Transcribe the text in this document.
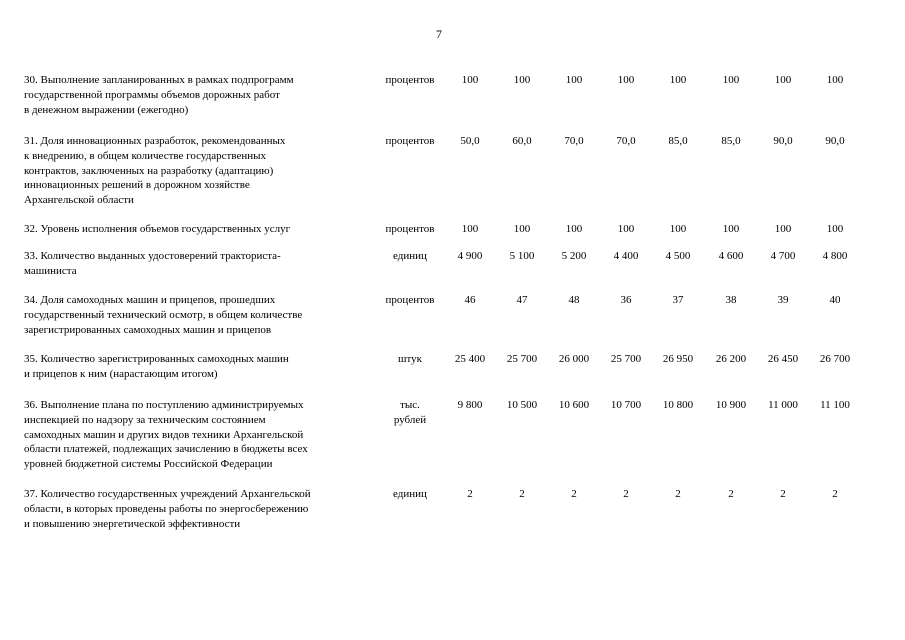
7
30. Выполнение запланированных в рамках подпрограмм
государственной программы объемов дорожных работ
в денежном выражении (ежегодно)
процентов	100	100	100	100	100	100	100	100
31. Доля инновационных разработок, рекомендованных
к внедрению, в общем количестве государственных
контрактов, заключенных на разработку (адаптацию)
инновационных решений в дорожном хозяйстве
Архангельской области
процентов	50,0	60,0	70,0	70,0	85,0	85,0	90,0	90,0
32. Уровень исполнения объемов государственных услуг	процентов	100	100	100	100	100	100	100	100
33. Количество выданных удостоверений тракториста-
машиниста
единиц	4 900	5 100	5 200	4 400	4 500	4 600	4 700	4 800
34. Доля самоходных машин и прицепов, прошедших
государственный технический осмотр, в общем количестве
зарегистрированных самоходных машин и прицепов
процентов	46	47	48	36	37	38	39	40
35. Количество зарегистрированных самоходных машин
и прицепов к ним (нарастающим итогом)
штук	25 400	25 700	26 000	25 700	26 950	26 200	26 450	26 700
36. Выполнение плана по поступлению администрируемых
инспекцией по надзору за техническим состоянием
самоходных машин и других видов техники Архангельской
области платежей, подлежащих зачислению в бюджеты всех
уровней бюджетной системы Российской Федерации
тыс.
рублей
9 800	10 500	10 600	10 700	10 800	10 900	11 000	11 100
37. Количество государственных учреждений Архангельской
области, в которых проведены работы по энергосбережению
и повышению энергетической эффективности
единиц	2	2	2	2	2	2	2	2
